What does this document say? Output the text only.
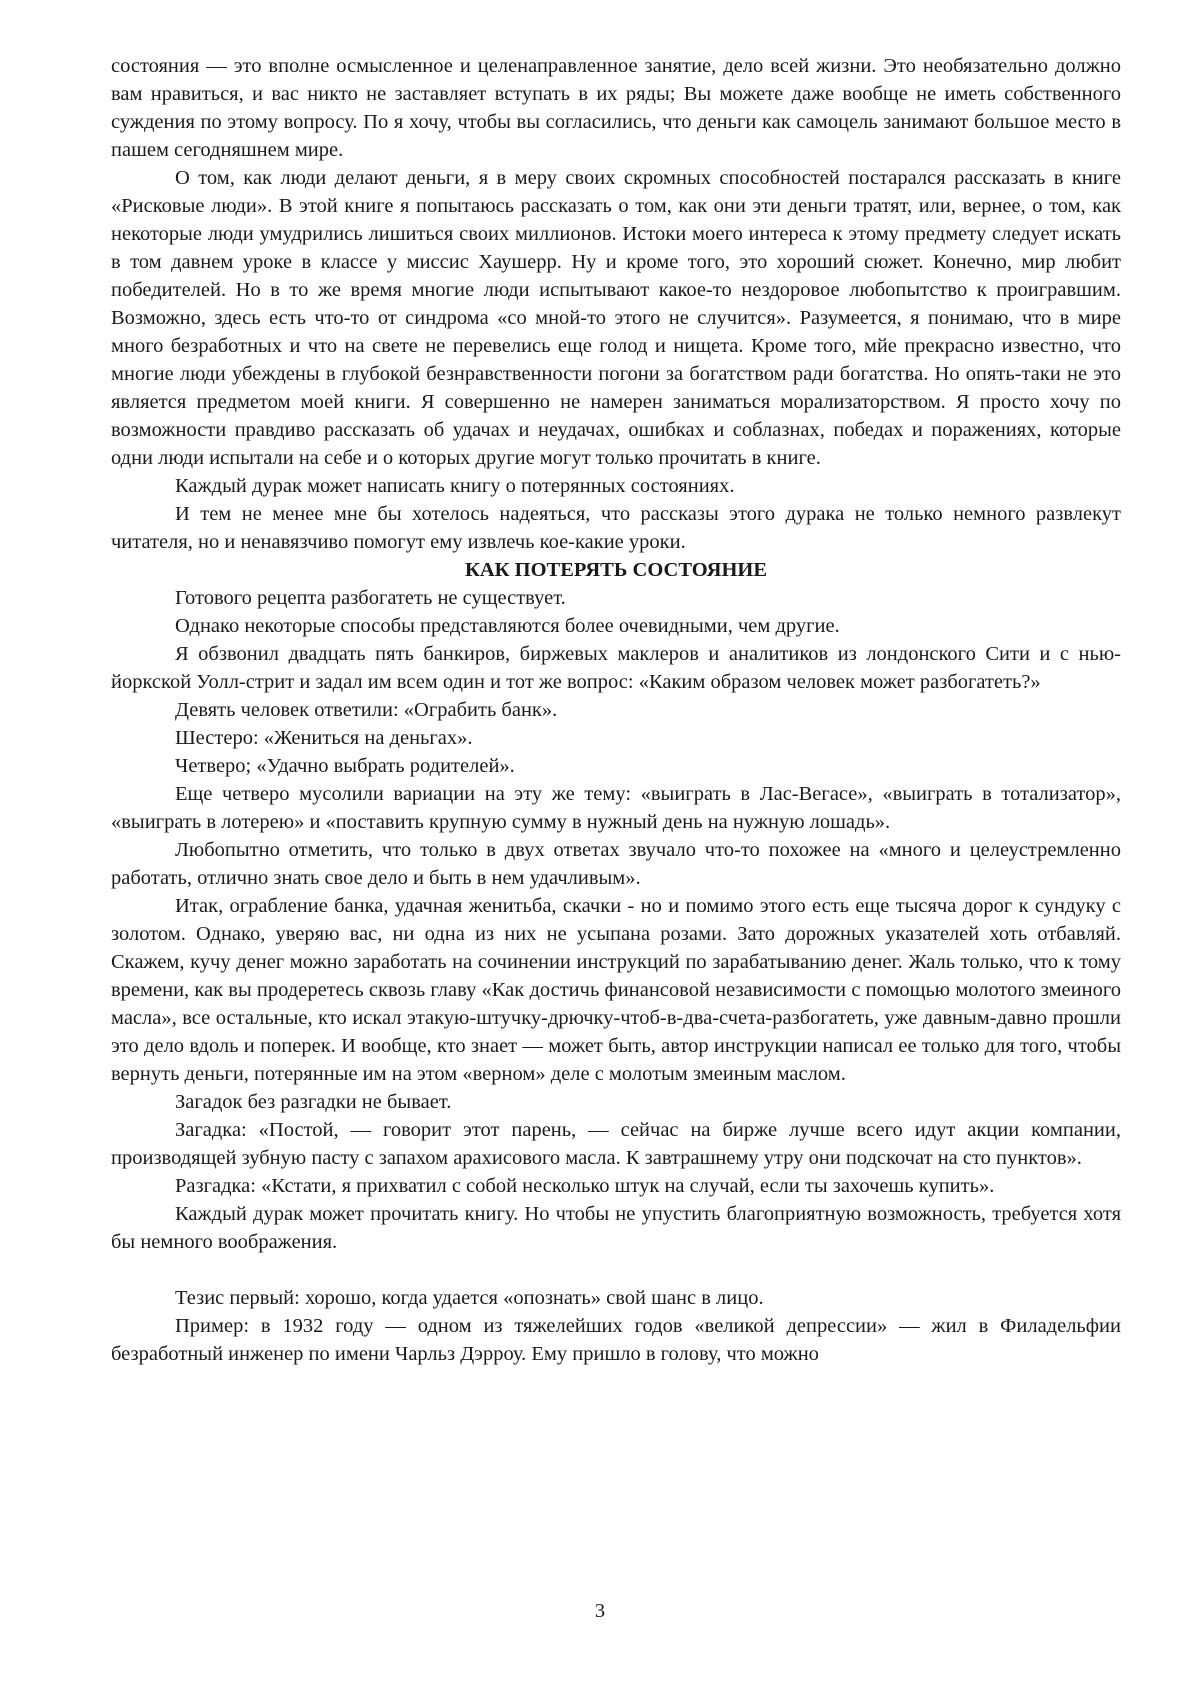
состояния — это вполне осмысленное и целенаправленное занятие, дело всей жизни. Это необязательно должно вам нравиться, и вас никто не заставляет вступать в их ряды; Вы можете даже вообще не иметь собственного суждения по этому вопросу. По я хочу, чтобы вы согласились, что деньги как самоцель занимают большое место в пашем сегодняшнем мире.

О том, как люди делают деньги, я в меру своих скромных способностей постарался рассказать в книге «Рисковые люди». В этой книге я попытаюсь рассказать о том, как они эти деньги тратят, или, вернее, о том, как некоторые люди умудрились лишиться своих миллионов. Истоки моего интереса к этому предмету следует искать в том давнем уроке в классе у миссис Хаушерр. Ну и кроме того, это хороший сюжет. Конечно, мир любит победителей. Но в то же время многие люди испытывают какое-то нездоровое любопытство к проигравшим. Возможно, здесь есть что-то от синдрома «со мной-то этого не случится». Разумеется, я понимаю, что в мире много безработных и что на свете не перевелись еще голод и нищета. Кроме того, мйе прекрасно известно, что многие люди убеждены в глубокой безнравственности погони за богатством ради богатства. Но опять-таки не это является предметом моей книги. Я совершенно не намерен заниматься морализаторством. Я просто хочу по возможности правдиво рассказать об удачах и неудачах, ошибках и соблазнах, победах и поражениях, которые одни люди испытали на себе и о которых другие могут только прочитать в книге.

Каждый дурак может написать книгу о потерянных состояниях.

И тем не менее мне бы хотелось надеяться, что рассказы этого дурака не только немного развлекут читателя, но и ненавязчиво помогут ему извлечь кое-какие уроки.

КАК ПОТЕРЯТЬ СОСТОЯНИЕ

Готового рецепта разбогатеть не существует.

Однако некоторые способы представляются более очевидными, чем другие.

Я обзвонил двадцать пять банкиров, биржевых маклеров и аналитиков из лондонского Сити и с нью-йоркской Уолл-стрит и задал им всем один и тот же вопрос: «Каким образом человек может разбогатеть?»

Девять человек ответили: «Ограбить банк».

Шестеро: «Жениться на деньгах».

Четверо; «Удачно выбрать родителей».

Еще четверо мусолили вариации на эту же тему: «выиграть в Лас-Вегасе», «выиграть в тотализатор», «выиграть в лотерею» и «поставить крупную сумму в нужный день на нужную лошадь».

Любопытно отметить, что только в двух ответах звучало что-то похожее на «много и целеустремленно работать, отлично знать свое дело и быть в нем удачливым».

Итак, ограбление банка, удачная женитьба, скачки - но и помимо этого есть еще тысяча дорог к сундуку с золотом. Однако, уверяю вас, ни одна из них не усыпана розами. Зато дорожных указателей хоть отбавляй. Скажем, кучу денег можно заработать на сочинении инструкций по зарабатыванию денег. Жаль только, что к тому времени, как вы продеретесь сквозь главу «Как достичь финансовой независимости с помощью молотого змеиного масла», все остальные, кто искал этакую-штучку-дрючку-чтоб-в-два-счета-разбогатеть, уже давным-давно прошли это дело вдоль и поперек. И вообще, кто знает — может быть, автор инструкции написал ее только для того, чтобы вернуть деньги, потерянные им на этом «верном» деле с молотым змеиным маслом.

Загадок без разгадки не бывает.

Загадка: «Постой, — говорит этот парень, — сейчас на бирже лучше всего идут акции компании, производящей зубную пасту с запахом арахисового масла. К завтрашнему утру они подскочат на сто пунктов».

Разгадка: «Кстати, я прихватил с собой несколько штук на случай, если ты захочешь купить».

Каждый дурак может прочитать книгу. Но чтобы не упустить благоприятную возможность, требуется хотя бы немного воображения.

Тезис первый: хорошо, когда удается «опознать» свой шанс в лицо.

Пример: в 1932 году — одном из тяжелейших годов «великой депрессии» — жил в Филадельфии безработный инженер по имени Чарльз Дэрроу. Ему пришло в голову, что можно

3
